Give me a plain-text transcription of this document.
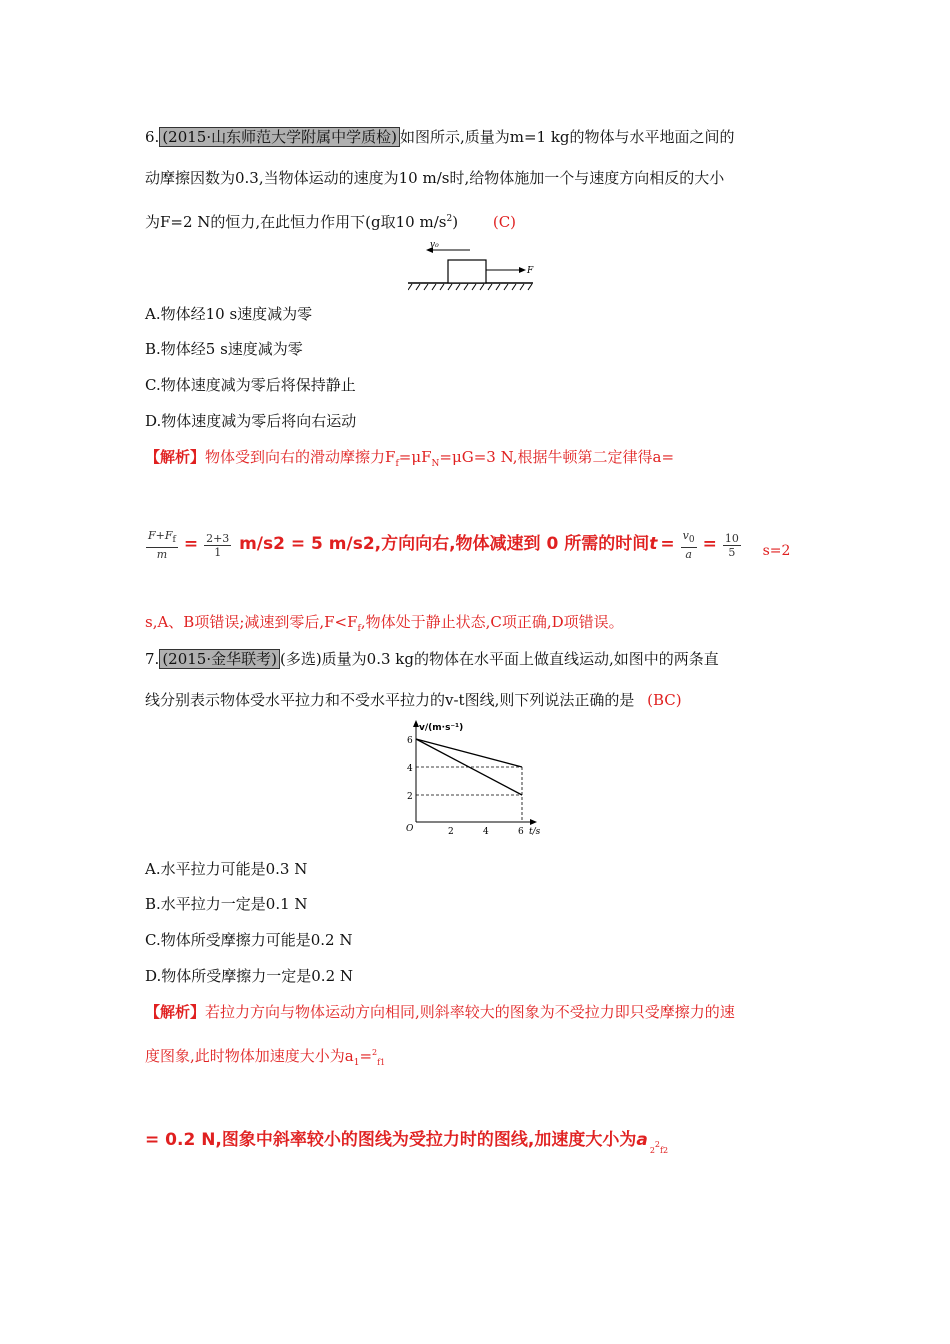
6. (2015·山东师范大学附属中学质检) 如图所示,质量为m=1 kg的物体与水平地面之间的
动摩擦因数为0.3,当物体运动的速度为10 m/s时,给物体施加一个与速度方向相反的大小
为F=2 N的恒力,在此恒力作用下(g取10 $m/s^2$) (C)
v₀
F
A.物体经10 s速度减为零
B.物体经5 s速度减为零
C.物体速度减为零后将保持静止
D.物体速度减为零后将向右运动
【解析】物体受到向右的滑动摩擦力$F_f=\mu F_N=\mu G=3$ N,根据牛顿第二定律得a=
$\frac{F+F_f}{m} = \frac{2+3}{1} m/s2 = 5$ m/s2,方向向右,物体减速到 0 所需的时间$t = \frac{v_0}{a} = \frac{10}{5} s=2$
s,A、B项错误;减速到零后$,F<F_f$,物体处于静止状态,C项正确,D项错误。
7. (2015·金华联考) (多选)质量为0.3 kg的物体在水平面上做直线运动,如图中的两条直
线分别表示物体受水平拉力和不受水平拉力的v-t图线,则下列说法正确的是 (BC)
v/(m·s⁻¹)
t/s
O
6
4
2
2	4	6
A.水平拉力可能是0.3 N
B.水平拉力一定是0.1 N
C.物体所受摩擦力可能是0.2 N
D.物体所受摩擦力一定是0.2 N
【解析】若拉力方向与物体运动方向相同,则斜率较大的图象为不受拉力即只受摩擦力的速
度图象,此时物体加速度大小为$a_1=^2_{f1}$
= 0.2 N,图象中斜率较小的图线为受拉力时的图线,加速度大小为$a_22_{f2}$
